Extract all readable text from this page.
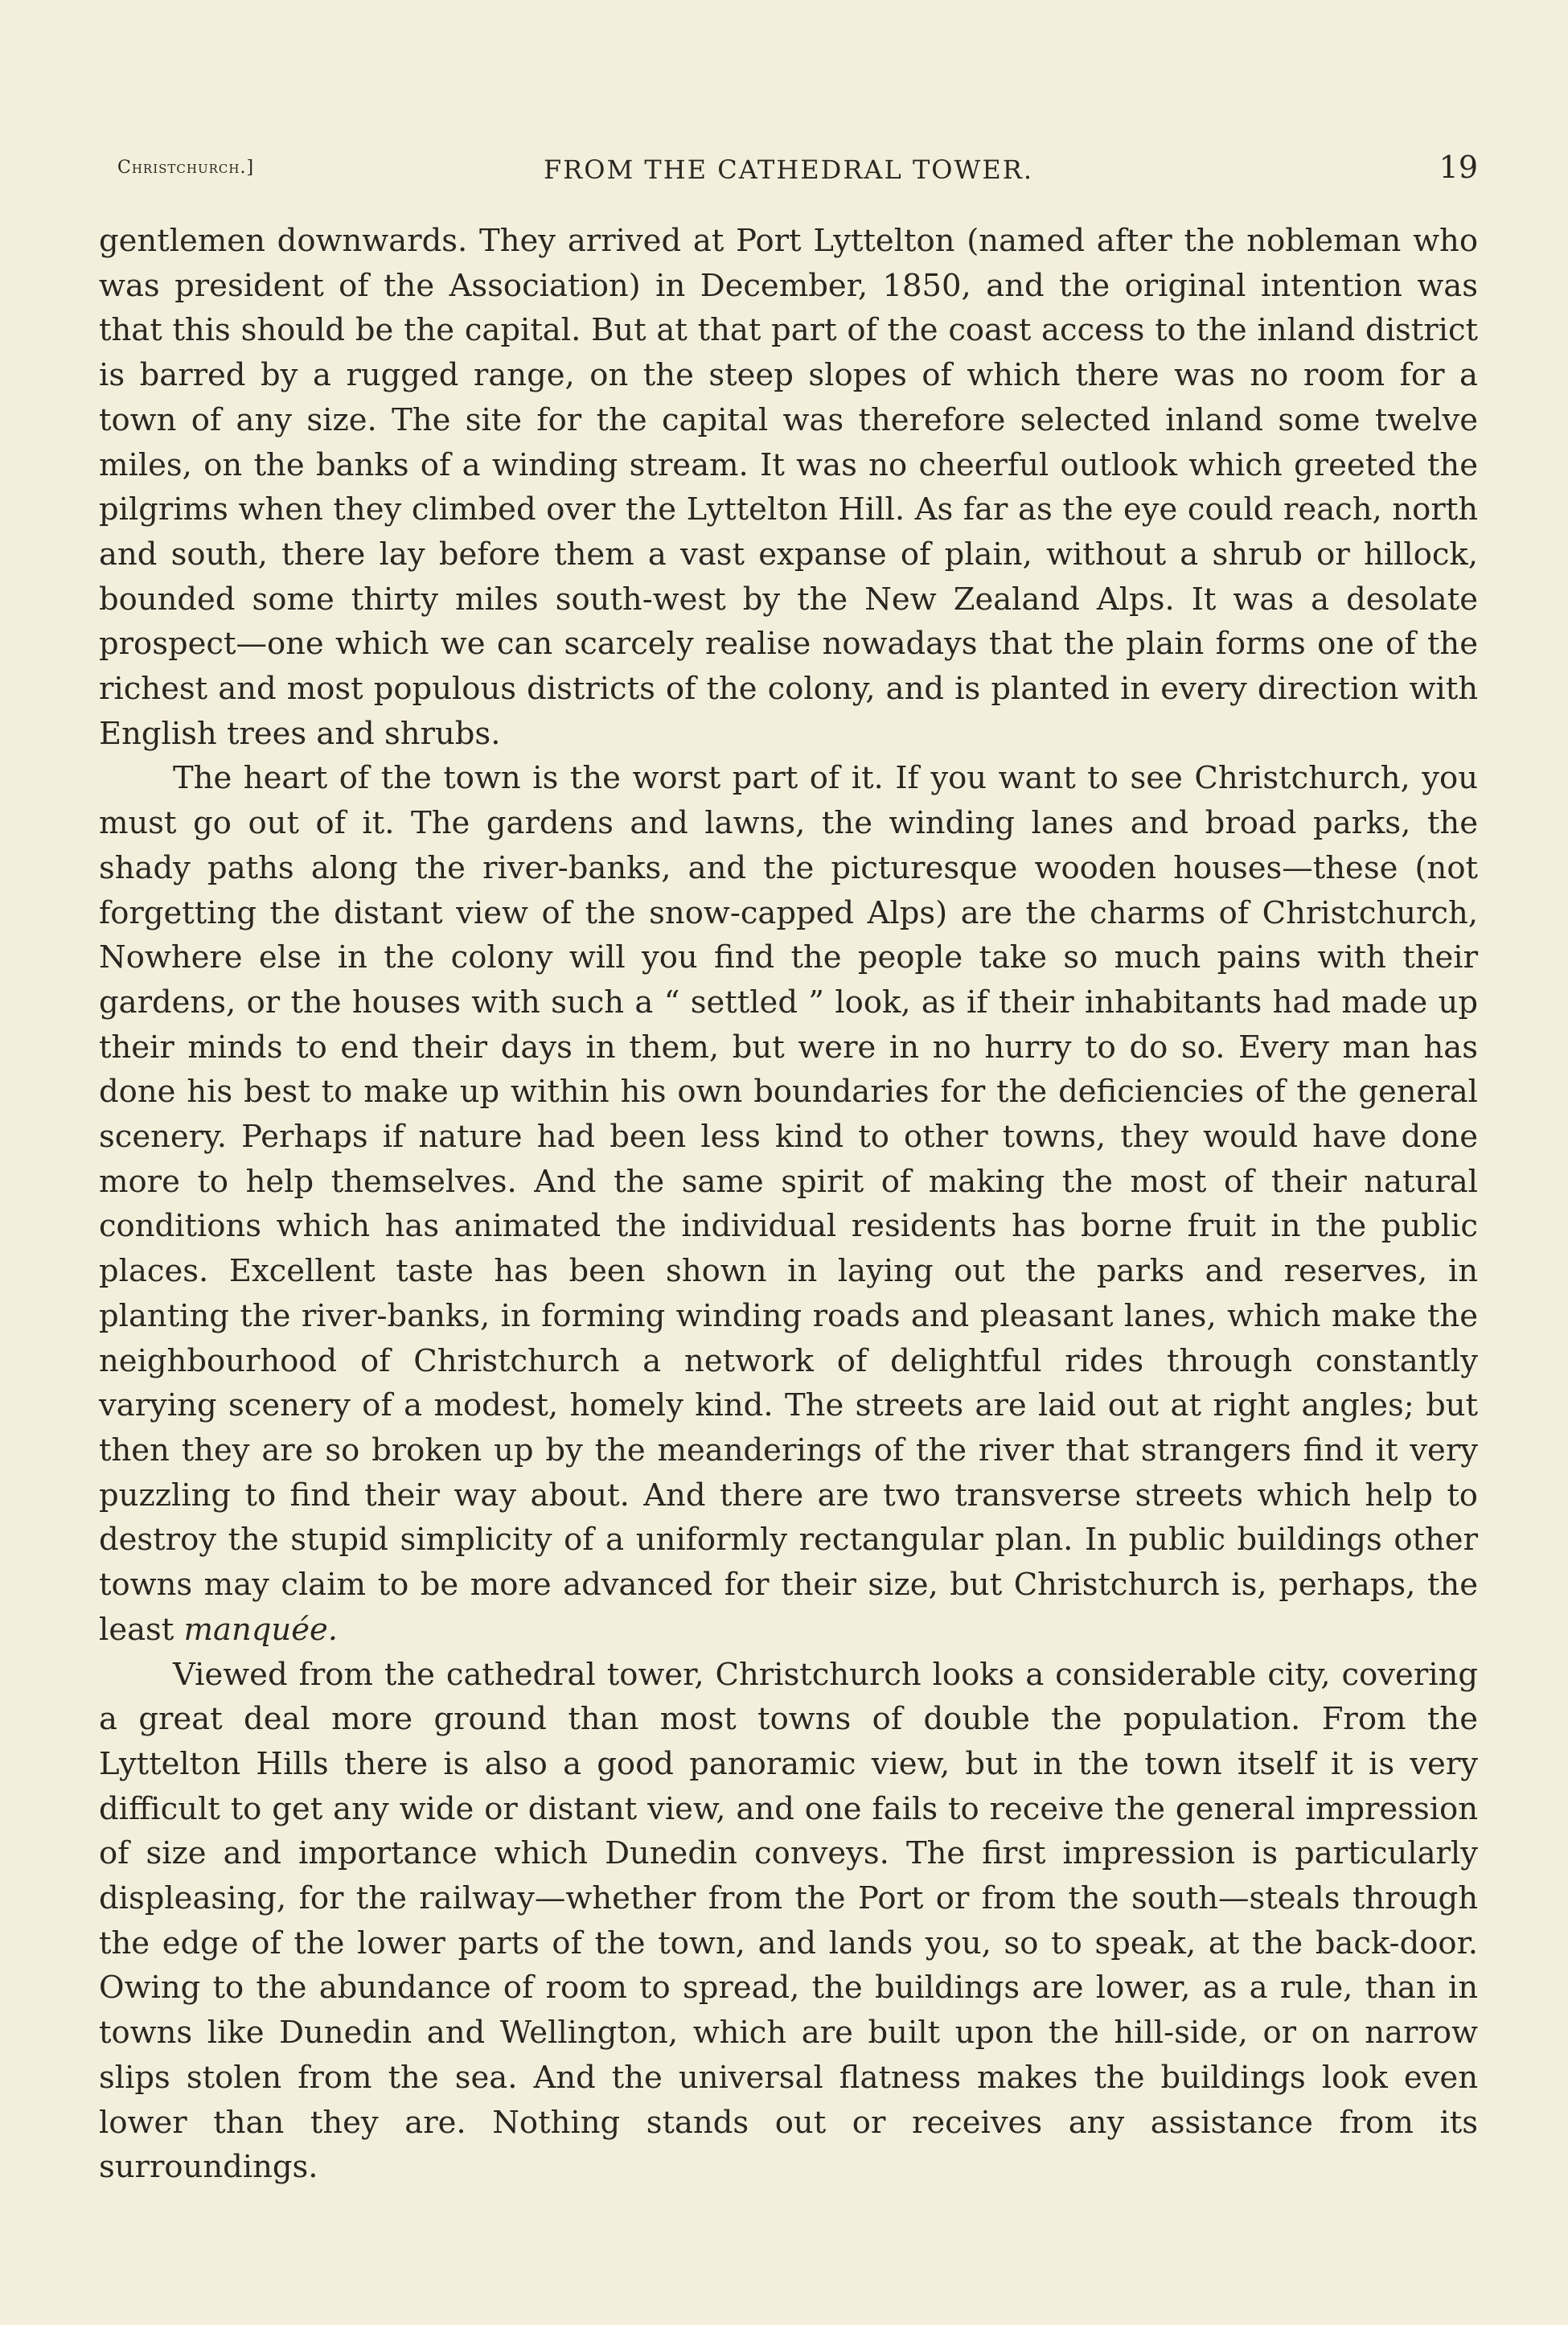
Christchurch.]	FROM THE CATHEDRAL TOWER.	19

gentlemen downwards. They arrived at Port Lyttelton (named after the nobleman who was president of the Association) in December, 1850, and the original intention was that this should be the capital. But at that part of the coast access to the inland district is barred by a rugged range, on the steep slopes of which there was no room for a town of any size. The site for the capital was therefore selected inland some twelve miles, on the banks of a winding stream. It was no cheerful outlook which greeted the pilgrims when they climbed over the Lyttelton Hill. As far as the eye could reach, north and south, there lay before them a vast expanse of plain, without a shrub or hillock, bounded some thirty miles south-west by the New Zealand Alps. It was a desolate prospect—one which we can scarcely realise nowadays that the plain forms one of the richest and most populous districts of the colony, and is planted in every direction with English trees and shrubs.

The heart of the town is the worst part of it. If you want to see Christchurch, you must go out of it. The gardens and lawns, the winding lanes and broad parks, the shady paths along the river-banks, and the picturesque wooden houses—these (not forgetting the distant view of the snow-capped Alps) are the charms of Christchurch, Nowhere else in the colony will you find the people take so much pains with their gardens, or the houses with such a “ settled ” look, as if their inhabitants had made up their minds to end their days in them, but were in no hurry to do so. Every man has done his best to make up within his own boundaries for the deficiencies of the general scenery. Perhaps if nature had been less kind to other towns, they would have done more to help themselves. And the same spirit of making the most of their natural conditions which has animated the individual residents has borne fruit in the public places. Excellent taste has been shown in laying out the parks and reserves, in planting the river-banks, in forming winding roads and pleasant lanes, which make the neighbourhood of Christchurch a network of delightful rides through constantly varying scenery of a modest, homely kind. The streets are laid out at right angles; but then they are so broken up by the meanderings of the river that strangers find it very puzzling to find their way about. And there are two transverse streets which help to destroy the stupid simplicity of a uniformly rectangular plan. In public buildings other towns may claim to be more advanced for their size, but Christchurch is, perhaps, the least manquée.

Viewed from the cathedral tower, Christchurch looks a considerable city, covering a great deal more ground than most towns of double the population. From the Lyttelton Hills there is also a good panoramic view, but in the town itself it is very difficult to get any wide or distant view, and one fails to receive the general impression of size and importance which Dunedin conveys. The first impression is particularly displeasing, for the railway—whether from the Port or from the south—steals through the edge of the lower parts of the town, and lands you, so to speak, at the back-door. Owing to the abundance of room to spread, the buildings are lower, as a rule, than in towns like Dunedin and Wellington, which are built upon the hill-side, or on narrow slips stolen from the sea. And the universal flatness makes the buildings look even lower than they are. Nothing stands out or receives any assistance from its surroundings.
